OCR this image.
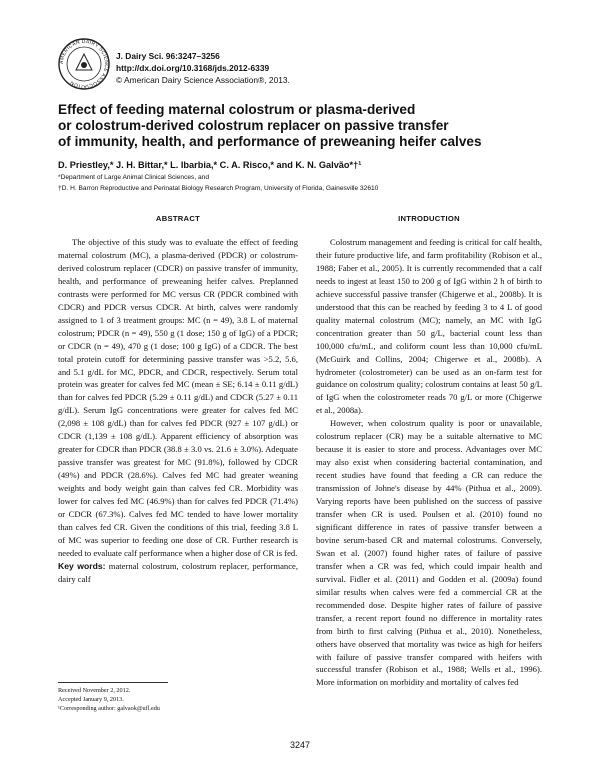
AMERICAN DAIRY SCIENCE ASSOCIATION
J. Dairy Sci. 96:3247–3256
http://dx.doi.org/10.3168/jds.2012-6339
© American Dairy Science Association®, 2013.
Effect of feeding maternal colostrum or plasma-derived
or colostrum-derived colostrum replacer on passive transfer
of immunity, health, and performance of preweaning heifer calves
D. Priestley,* J. H. Bittar,* L. Ibarbia,* C. A. Risco,* and K. N. Galvão*†¹
*Department of Large Animal Clinical Sciences, and
†D. H. Barron Reproductive and Perinatal Biology Research Program, University of Florida, Gainesville 32610
ABSTRACT

The objective of this study was to evaluate the effect of feeding maternal colostrum (MC), a plasma-derived (PDCR) or colostrum-derived colostrum replacer (CDCR) on passive transfer of immunity, health, and performance of preweaning heifer calves. Preplanned contrasts were performed for MC versus CR (PDCR combined with CDCR) and PDCR versus CDCR. At birth, calves were randomly assigned to 1 of 3 treatment groups: MC (n = 49), 3.8 L of maternal colostrum; PDCR (n = 49), 550 g (1 dose; 150 g of IgG) of a PDCR; or CDCR (n = 49), 470 g (1 dose; 100 g IgG) of a CDCR. The best total protein cutoff for determining passive transfer was >5.2, 5.6, and 5.1 g/dL for MC, PDCR, and CDCR, respectively. Serum total protein was greater for calves fed MC (mean ± SE; 6.14 ± 0.11 g/dL) than for calves fed PDCR (5.29 ± 0.11 g/dL) and CDCR (5.27 ± 0.11 g/dL). Serum IgG concentrations were greater for calves fed MC (2,098 ± 108 g/dL) than for calves fed PDCR (927 ± 107 g/dL) or CDCR (1,139 ± 108 g/dL). Apparent efficiency of absorption was greater for CDCR than PDCR (38.8 ± 3.0 vs. 21.6 ± 3.0%). Adequate passive transfer was greatest for MC (91.8%), followed by CDCR (49%) and PDCR (28.6%). Calves fed MC had greater weaning weights and body weight gain than calves fed CR. Morbidity was lower for calves fed MC (46.9%) than for calves fed PDCR (71.4%) or CDCR (67.3%). Calves fed MC tended to have lower mortality than calves fed CR. Given the conditions of this trial, feeding 3.8 L of MC was superior to feeding one dose of CR. Further research is needed to evaluate calf performance when a higher dose of CR is fed.

Key words: maternal colostrum, colostrum replacer, performance, dairy calf

INTRODUCTION

Colostrum management and feeding is critical for calf health, their future productive life, and farm profitability (Robison et al., 1988; Faber et al., 2005). It is currently recommended that a calf needs to ingest at least 150 to 200 g of IgG within 2 h of birth to achieve successful passive transfer (Chigerwe et al., 2008b). It is understood that this can be reached by feeding 3 to 4 L of good quality maternal colostrum (MC); namely, an MC with IgG concentration greater than 50 g/L, bacterial count less than 100,000 cfu/mL, and coliform count less than 10,000 cfu/mL (McGuirk and Collins, 2004; Chigerwe et al., 2008b). A hydrometer (colostrometer) can be used as an on-farm test for guidance on colostrum quality; colostrum contains at least 50 g/L of IgG when the colostrometer reads 70 g/L or more (Chigerwe et al., 2008a).

However, when colostrum quality is poor or unavailable, colostrum replacer (CR) may be a suitable alternative to MC because it is easier to store and process. Advantages over MC may also exist when considering bacterial contamination, and recent studies have found that feeding a CR can reduce the transmission of Johne's disease by 44% (Pithua et al., 2009). Varying reports have been published on the success of passive transfer when CR is used. Poulsen et al. (2010) found no significant difference in rates of passive transfer between a bovine serum-based CR and maternal colostrums. Conversely, Swan et al. (2007) found higher rates of failure of passive transfer when a CR was fed, which could impair health and survival. Fidler et al. (2011) and Godden et al. (2009a) found similar results when calves were fed a commercial CR at the recommended dose. Despite higher rates of failure of passive transfer, a recent report found no difference in mortality rates from birth to first calving (Pithua et al., 2010). Nonetheless, others have observed that mortality was twice as high for heifers with failure of passive transfer compared with heifers with successful transfer (Robison et al., 1988; Wells et al., 1996). More information on morbidity and mortality of calves fed

Received November 2, 2012.
Accepted January 9, 2013.
¹Corresponding author: galvaok@ufl.edu
3247
